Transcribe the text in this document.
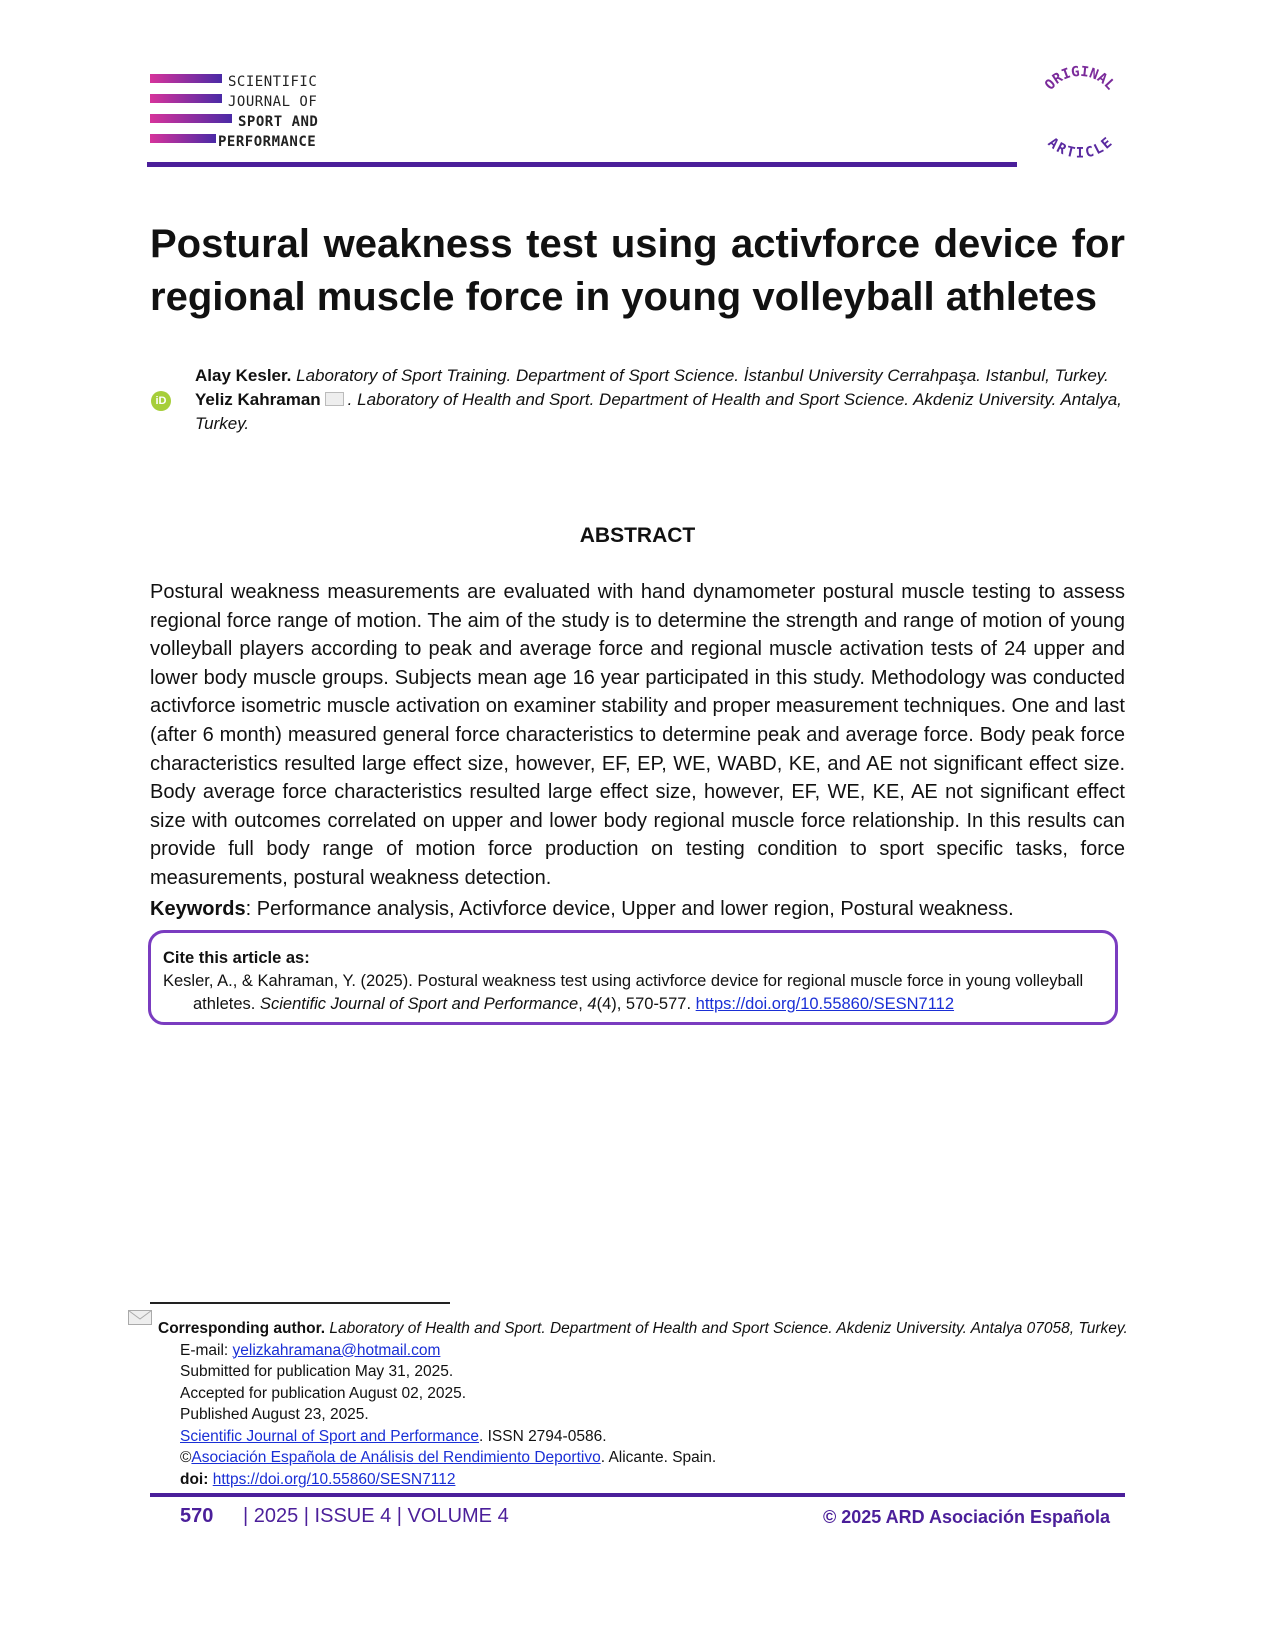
SCIENTIFIC
JOURNAL OF
SPORT AND
PERFORMANCE
ORIGINAL
ARTICLE
Postural weakness test using activforce device for regional muscle force in young volleyball athletes
iD
Alay Kesler. Laboratory of Sport Training. Department of Sport Science. İstanbul University Cerrahpaşa. Istanbul, Turkey.
Yeliz Kahraman . Laboratory of Health and Sport. Department of Health and Sport Science. Akdeniz University. Antalya, Turkey.
ABSTRACT
Postural weakness measurements are evaluated with hand dynamometer postural muscle testing to assess regional force range of motion. The aim of the study is to determine the strength and range of motion of young volleyball players according to peak and average force and regional muscle activation tests of 24 upper and lower body muscle groups. Subjects mean age 16 year participated in this study. Methodology was conducted activforce isometric muscle activation on examiner stability and proper measurement techniques. One and last (after 6 month) measured general force characteristics to determine peak and average force. Body peak force characteristics resulted large effect size, however, EF, EP, WE, WABD, KE, and AE not significant effect size. Body average force characteristics resulted large effect size, however, EF, WE, KE, AE not significant effect size with outcomes correlated on upper and lower body regional muscle force relationship. In this results can provide full body range of motion force production on testing condition to sport specific tasks, force measurements, postural weakness detection.
Keywords: Performance analysis, Activforce device, Upper and lower region, Postural weakness.
Cite this article as:
Kesler, A., & Kahraman, Y. (2025). Postural weakness test using activforce device for regional muscle force in young volleyball athletes. Scientific Journal of Sport and Performance, 4(4), 570-577. https://doi.org/10.55860/SESN7112
Corresponding author. Laboratory of Health and Sport. Department of Health and Sport Science. Akdeniz University. Antalya 07058, Turkey.
E-mail: yelizkahramana@hotmail.com
Submitted for publication May 31, 2025.
Accepted for publication August 02, 2025.
Published August 23, 2025.
Scientific Journal of Sport and Performance. ISSN 2794-0586.
©Asociación Española de Análisis del Rendimiento Deportivo. Alicante. Spain.
doi: https://doi.org/10.55860/SESN7112
570 | 2025 | ISSUE 4 | VOLUME 4	© 2025 ARD Asociación Española
